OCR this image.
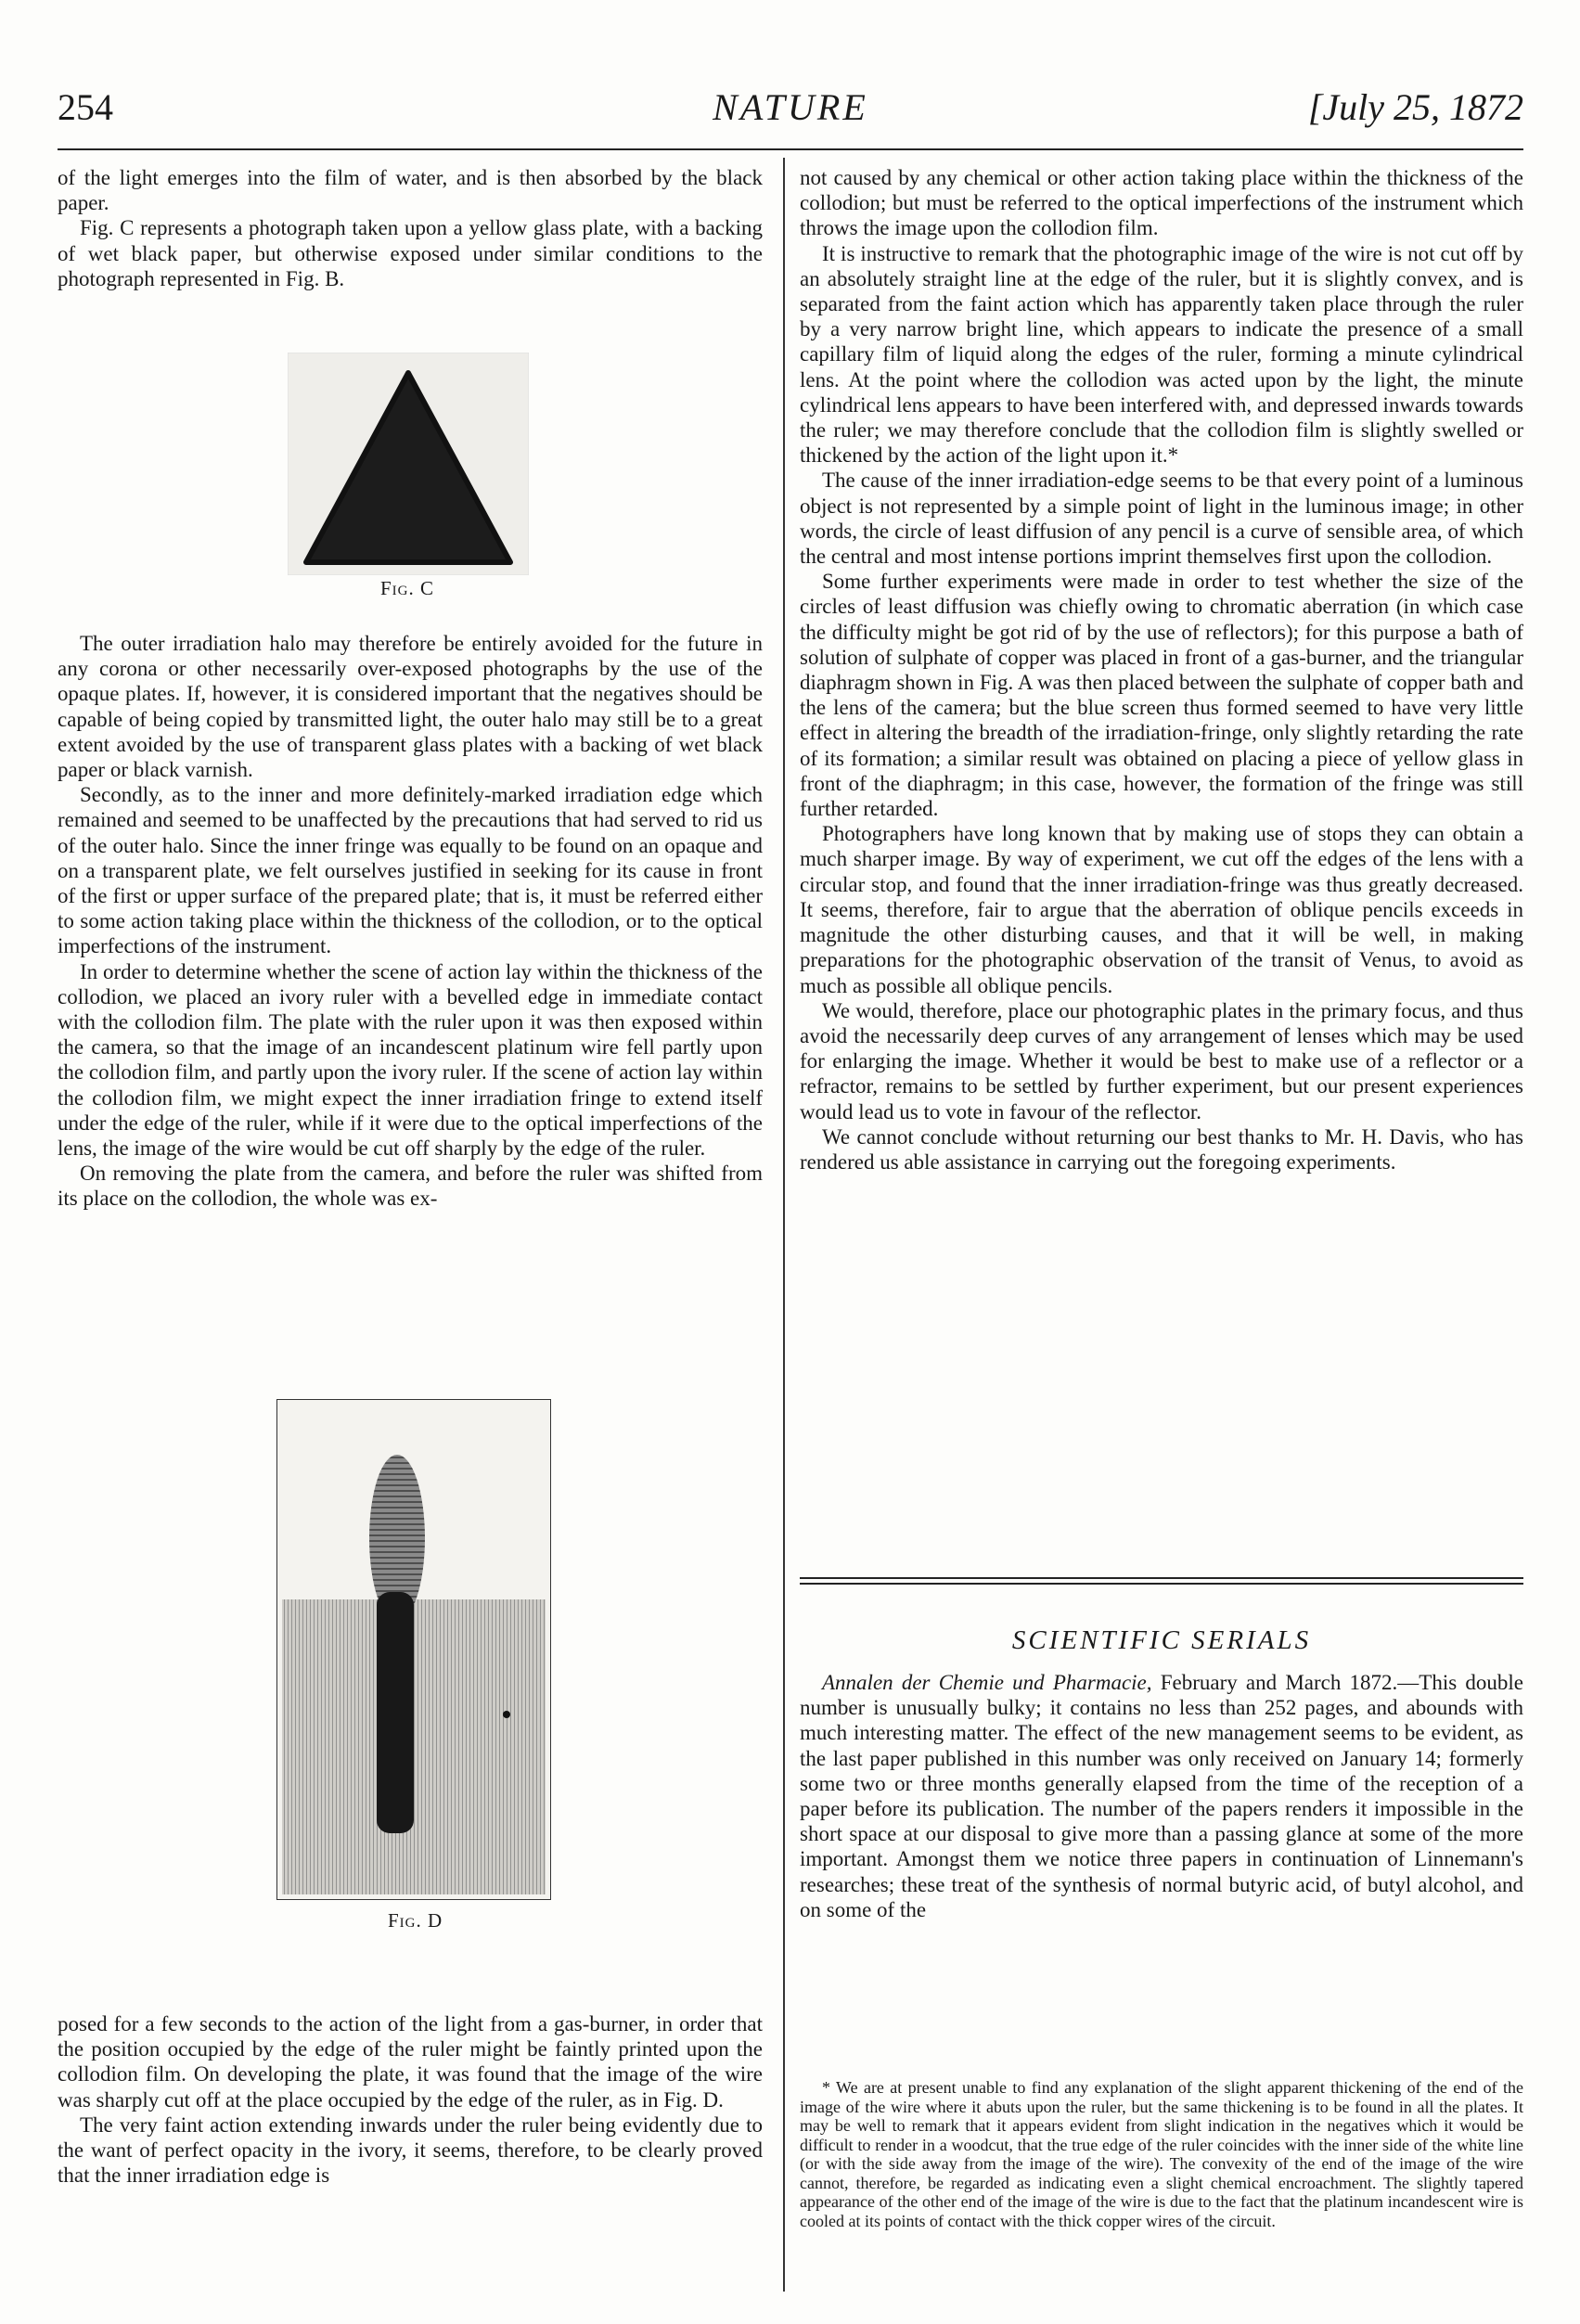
254	NATURE	[July 25, 1872

of the light emerges into the film of water, and is then absorbed by the black paper.

Fig. C represents a photograph taken upon a yellow glass plate, with a backing of wet black paper, but otherwise exposed under similar conditions to the photograph represented in Fig. B.

Fig. C

The outer irradiation halo may therefore be entirely avoided for the future in any corona or other necessarily over-exposed photographs by the use of the opaque plates. If, however, it is considered important that the negatives should be capable of being copied by transmitted light, the outer halo may still be to a great extent avoided by the use of transparent glass plates with a backing of wet black paper or black varnish.

Secondly, as to the inner and more definitely-marked irradiation edge which remained and seemed to be unaffected by the precautions that had served to rid us of the outer halo. Since the inner fringe was equally to be found on an opaque and on a transparent plate, we felt ourselves justified in seeking for its cause in front of the first or upper surface of the prepared plate; that is, it must be referred either to some action taking place within the thickness of the collodion, or to the optical imperfections of the instrument.

In order to determine whether the scene of action lay within the thickness of the collodion, we placed an ivory ruler with a bevelled edge in immediate contact with the collodion film. The plate with the ruler upon it was then exposed within the camera, so that the image of an incandescent platinum wire fell partly upon the collodion film, and partly upon the ivory ruler. If the scene of action lay within the collodion film, we might expect the inner irradiation fringe to extend itself under the edge of the ruler, while if it were due to the optical imperfections of the lens, the image of the wire would be cut off sharply by the edge of the ruler.

On removing the plate from the camera, and before the ruler was shifted from its place on the collodion, the whole was ex-

Fig. D

posed for a few seconds to the action of the light from a gas-burner, in order that the position occupied by the edge of the ruler might be faintly printed upon the collodion film. On developing the plate, it was found that the image of the wire was sharply cut off at the place occupied by the edge of the ruler, as in Fig. D.

The very faint action extending inwards under the ruler being evidently due to the want of perfect opacity in the ivory, it seems, therefore, to be clearly proved that the inner irradiation edge is

not caused by any chemical or other action taking place within the thickness of the collodion; but must be referred to the optical imperfections of the instrument which throws the image upon the collodion film.

It is instructive to remark that the photographic image of the wire is not cut off by an absolutely straight line at the edge of the ruler, but it is slightly convex, and is separated from the faint action which has apparently taken place through the ruler by a very narrow bright line, which appears to indicate the presence of a small capillary film of liquid along the edges of the ruler, forming a minute cylindrical lens. At the point where the collodion was acted upon by the light, the minute cylindrical lens appears to have been interfered with, and depressed inwards towards the ruler; we may therefore conclude that the collodion film is slightly swelled or thickened by the action of the light upon it.*

The cause of the inner irradiation-edge seems to be that every point of a luminous object is not represented by a simple point of light in the luminous image; in other words, the circle of least diffusion of any pencil is a curve of sensible area, of which the central and most intense portions imprint themselves first upon the collodion.

Some further experiments were made in order to test whether the size of the circles of least diffusion was chiefly owing to chromatic aberration (in which case the difficulty might be got rid of by the use of reflectors); for this purpose a bath of solution of sulphate of copper was placed in front of a gas-burner, and the triangular diaphragm shown in Fig. A was then placed between the sulphate of copper bath and the lens of the camera; but the blue screen thus formed seemed to have very little effect in altering the breadth of the irradiation-fringe, only slightly retarding the rate of its formation; a similar result was obtained on placing a piece of yellow glass in front of the diaphragm; in this case, however, the formation of the fringe was still further retarded.

Photographers have long known that by making use of stops they can obtain a much sharper image. By way of experiment, we cut off the edges of the lens with a circular stop, and found that the inner irradiation-fringe was thus greatly decreased. It seems, therefore, fair to argue that the aberration of oblique pencils exceeds in magnitude the other disturbing causes, and that it will be well, in making preparations for the photographic observation of the transit of Venus, to avoid as much as possible all oblique pencils.

We would, therefore, place our photographic plates in the primary focus, and thus avoid the necessarily deep curves of any arrangement of lenses which may be used for enlarging the image. Whether it would be best to make use of a reflector or a refractor, remains to be settled by further experiment, but our present experiences would lead us to vote in favour of the reflector.

We cannot conclude without returning our best thanks to Mr. H. Davis, who has rendered us able assistance in carrying out the foregoing experiments.

SCIENTIFIC SERIALS

Annalen der Chemie und Pharmacie, February and March 1872.—This double number is unusually bulky; it contains no less than 252 pages, and abounds with much interesting matter. The effect of the new management seems to be evident, as the last paper published in this number was only received on January 14; formerly some two or three months generally elapsed from the time of the reception of a paper before its publication. The number of the papers renders it impossible in the short space at our disposal to give more than a passing glance at some of the more important. Amongst them we notice three papers in continuation of Linnemann's researches; these treat of the synthesis of normal butyric acid, of butyl alcohol, and on some of the

* We are at present unable to find any explanation of the slight apparent thickening of the end of the image of the wire where it abuts upon the ruler, but the same thickening is to be found in all the plates. It may be well to remark that it appears evident from slight indication in the negatives which it would be difficult to render in a woodcut, that the true edge of the ruler coincides with the inner side of the white line (or with the side away from the image of the wire). The convexity of the end of the image of the wire cannot, therefore, be regarded as indicating even a slight chemical encroachment. The slightly tapered appearance of the other end of the image of the wire is due to the fact that the platinum incandescent wire is cooled at its points of contact with the thick copper wires of the circuit.
